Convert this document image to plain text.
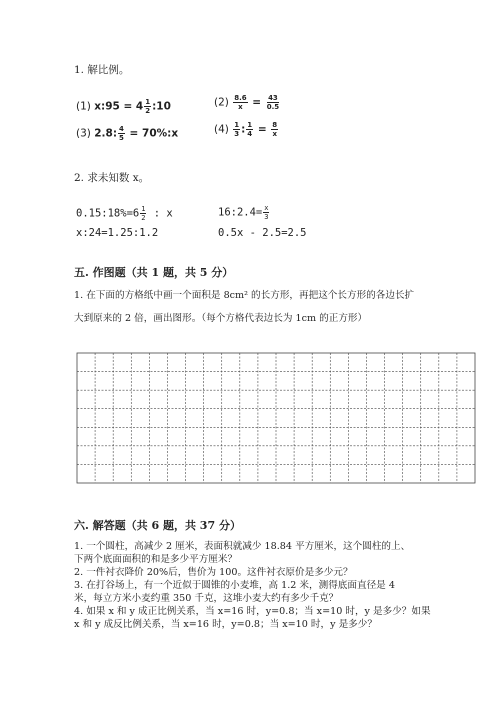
1. 解比例。
(1) x:95 = $4 \frac{1}{2}$ :10	$(2) \frac{8.6}{x} = \frac{43}{0.5}$
(3) 2.8: $\frac{4}{5}$ = 70%:x	$(4) \frac{1}{3}$ : $\frac{1}{4} = \frac{8}{x}$
2. 求未知数 x。
0.15:18%=6 $\frac{1}{2}$ : x	16:2.4= $\frac{x}{3}$
x:24=1.25:1.2	0.5x - 2.5=2.5
五. 作图题（共 1 题，共 5 分）
1. 在下面的方格纸中画一个面积是 8cm² 的长方形，再把这个长方形的各边长扩
大到原来的 2 倍，画出图形。（每个方格代表边长为 1cm 的正方形）
六. 解答题（共 6 题，共 37 分）
1. 一个圆柱，高减少 2 厘米，表面积就减少 18.84 平方厘米，这个圆柱的上、
下两个底面面积的和是多少平方厘米？
2. 一件衬衣降价 20%后，售价为 100。这件衬衣原价是多少元？
3. 在打谷场上，有一个近似于圆锥的小麦堆，高 1.2 米，测得底面直径是 4
米，每立方米小麦约重 350 千克，这堆小麦大约有多少千克？
4. 如果 x 和 y 成正比例关系，当 x=16 时，y=0.8；当 x=10 时，y 是多少？如果
x 和 y 成反比例关系，当 x=16 时，y=0.8；当 x=10 时，y 是多少？
